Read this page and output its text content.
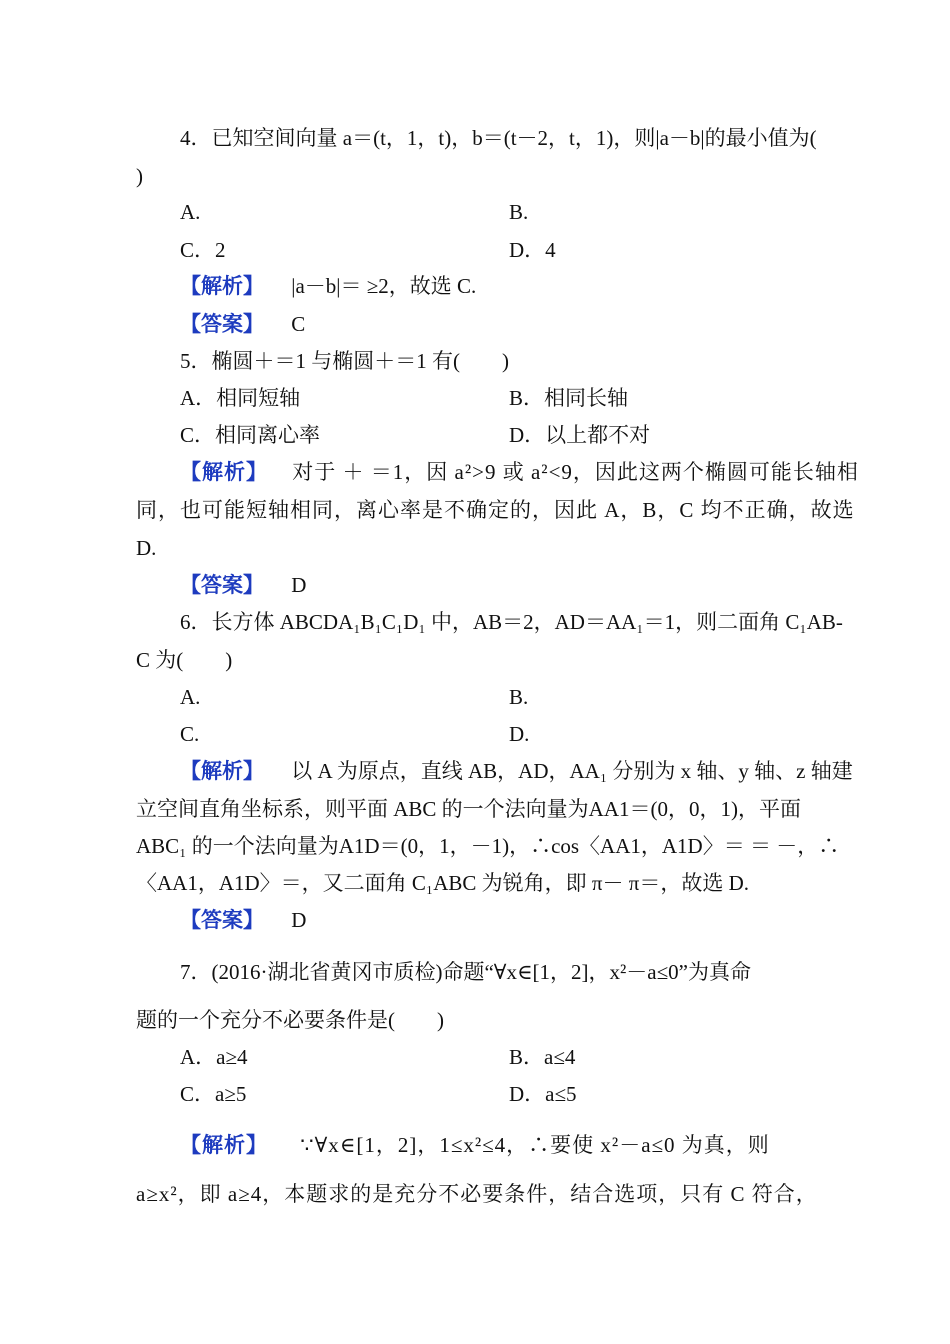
4．已知空间向量 a＝(t，1，t)，b＝(t－2，t，1)，则|a－b|的最小值为(
)
A.	B.
C．2	D．4
【解析】 |a－b|＝ ≥2，故选 C.
【答案】 C
5．椭圆＋＝1 与椭圆＋＝1 有(　　)
A．相同短轴	B．相同长轴
C．相同离心率	D．以上都不对
【解析】 对于 ＋ ＝1，因 a²>9 或 a²<9，因此这两个椭圆可能长轴相
同，也可能短轴相同，离心率是不确定的，因此 A，B，C 均不正确，故选
D.
【答案】 D
6．长方体 ABCDA₁B₁C₁D₁ 中，AB＝2，AD＝AA₁＝1，则二面角 C₁AB-
C 为(　　)
A.	B.
C.	D.
【解析】 以 A 为原点，直线 AB，AD，AA₁ 分别为 x 轴、y 轴、z 轴建
立空间直角坐标系，则平面 ABC 的一个法向量为AA1＝(0，0，1)，平面
ABC₁ 的一个法向量为A1D＝(0，1，－1)，∴cos〈AA1，A1D〉＝ ＝ －，∴
〈AA1，A1D〉＝，又二面角 C₁ABC 为锐角，即 π－ π＝，故选 D.
【答案】 D
7．(2016·湖北省黄冈市质检)命题“∀x∈[1，2]，x²－a≤0”为真命
题的一个充分不必要条件是(　　)
A．a≥4	B．a≤4
C．a≥5	D．a≤5
【解析】 ∵∀x∈[1，2]，1≤x²≤4，∴要使 x²－a≤0 为真，则
a≥x²，即 a≥4，本题求的是充分不必要条件，结合选项，只有 C 符合，
